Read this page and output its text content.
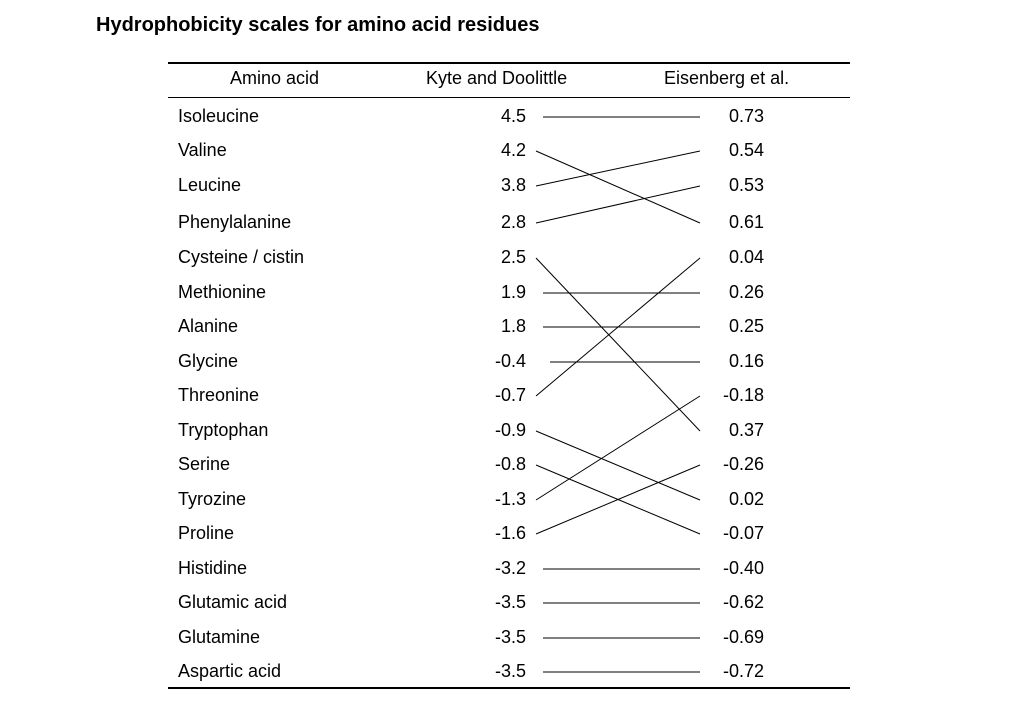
Hydrophobicity scales for amino acid residues
Amino acid	Kyte and Doolittle	Eisenberg et al.
Isoleucine	4.5	0.73
Valine	4.2	0.54
Leucine	3.8	0.53
Phenylalanine	2.8	0.61
Cysteine / cistin	2.5	0.04
Methionine	1.9	0.26
Alanine	1.8	0.25
Glycine	-0.4	0.16
Threonine	-0.7	-0.18
Tryptophan	-0.9	0.37
Serine	-0.8	-0.26
Tyrozine	-1.3	0.02
Proline	-1.6	-0.07
Histidine	-3.2	-0.40
Glutamic acid	-3.5	-0.62
Glutamine	-3.5	-0.69
Aspartic acid	-3.5	-0.72
